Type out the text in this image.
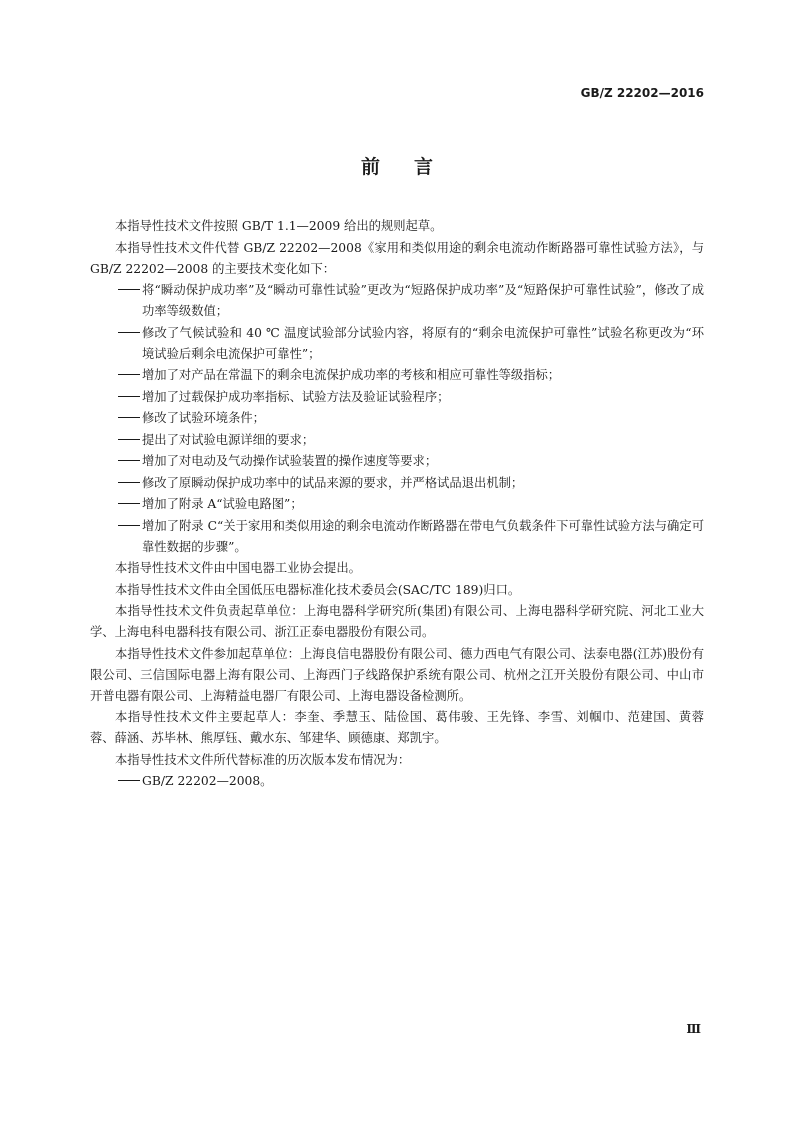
GB/Z 22202—2016
前言

本指导性技术文件按照 GB/T 1.1—2009 给出的规则起草。

本指导性技术文件代替 GB/Z 22202—2008《家用和类似用途的剩余电流动作断路器可靠性试验方法》，与 GB/Z 22202—2008 的主要技术变化如下：

将“瞬动保护成功率”及“瞬动可靠性试验”更改为“短路保护成功率”及“短路保护可靠性试验”，修改了成功率等级数值；
修改了气候试验和 40 ℃ 温度试验部分试验内容，将原有的“剩余电流保护可靠性”试验名称更改为“环境试验后剩余电流保护可靠性”；
增加了对产品在常温下的剩余电流保护成功率的考核和相应可靠性等级指标；
增加了过载保护成功率指标、试验方法及验证试验程序；
修改了试验环境条件；
提出了对试验电源详细的要求；
增加了对电动及气动操作试验装置的操作速度等要求；
修改了原瞬动保护成功率中的试品来源的要求，并严格试品退出机制；
增加了附录 A“试验电路图”；
增加了附录 C“关于家用和类似用途的剩余电流动作断路器在带电气负载条件下可靠性试验方法与确定可靠性数据的步骤”。

本指导性技术文件由中国电器工业协会提出。

本指导性技术文件由全国低压电器标准化技术委员会(SAC/TC 189)归口。

本指导性技术文件负责起草单位：上海电器科学研究所(集团)有限公司、上海电器科学研究院、河北工业大学、上海电科电器科技有限公司、浙江正泰电器股份有限公司。

本指导性技术文件参加起草单位：上海良信电器股份有限公司、德力西电气有限公司、法泰电器(江苏)股份有限公司、三信国际电器上海有限公司、上海西门子线路保护系统有限公司、杭州之江开关股份有限公司、中山市开普电器有限公司、上海精益电器厂有限公司、上海电器设备检测所。

本指导性技术文件主要起草人：李奎、季慧玉、陆俭国、葛伟骏、王先锋、李雪、刘帼巾、范建国、黄蓉蓉、薛涵、苏毕林、熊厚钰、戴水东、邹建华、顾德康、郑凯宇。

本指导性技术文件所代替标准的历次版本发布情况为：

GB/Z 22202—2008。
Ⅲ
